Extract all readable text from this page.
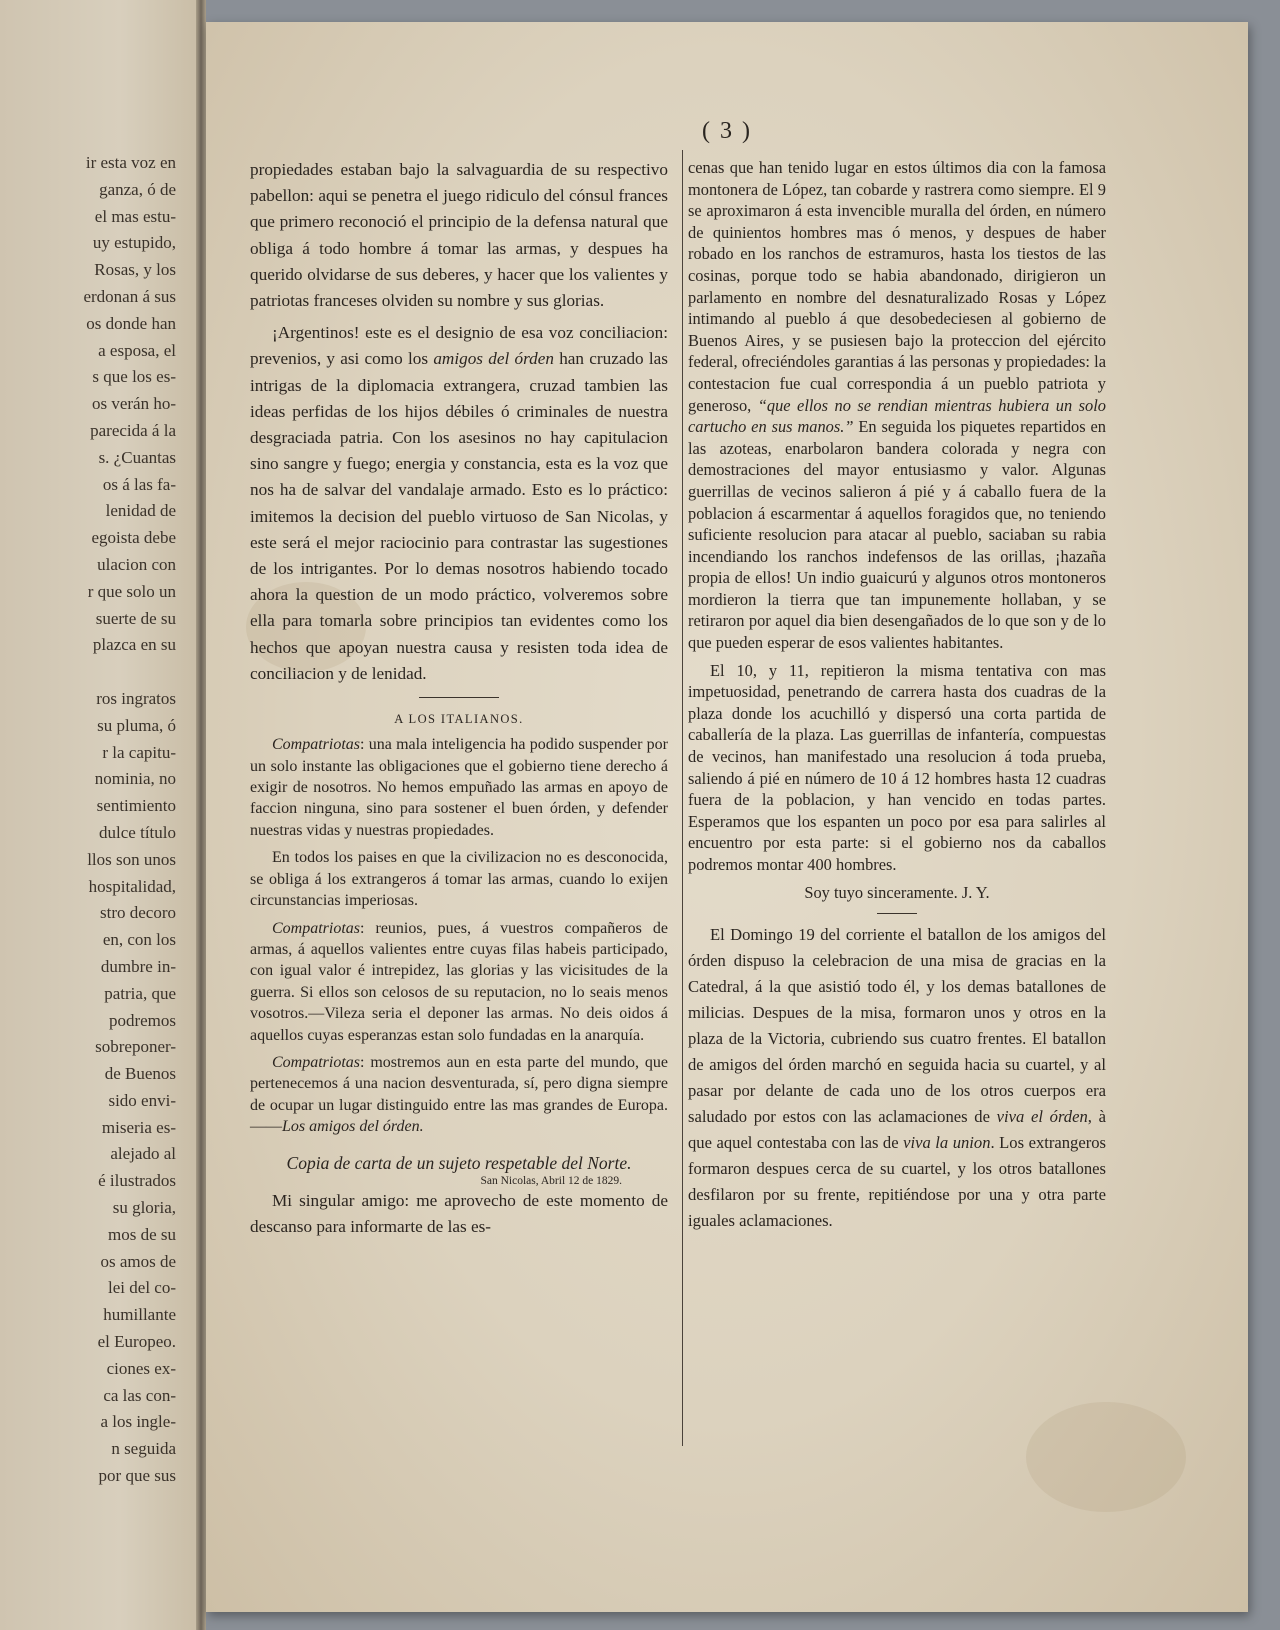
ir esta voz en
ganza, ó de
el mas estu-
uy estupido,
Rosas, y los
erdonan á sus
os donde han
a esposa, el
s que los es-
os verán ho-
parecida á la
s. ¿Cuantas
os á las fa-
lenidad de
egoista debe
ulacion con
r que solo un
suerte de su
plazca en su

ros ingratos
su pluma, ó
r la capitu-
nominia, no
sentimiento
dulce título
llos son unos
hospitalidad,
stro decoro
en, con los
dumbre in-
patria, que
podremos
sobreponer-
de Buenos
sido envi-
miseria es-
alejado al
é ilustrados
su gloria,
mos de su
os amos de
lei del co-
humillante
el Europeo.
ciones ex-
ca las con-
a los ingle-
n seguida
por que sus
( 3 )

propiedades estaban bajo la salvaguardia de su respectivo pabellon: aqui se penetra el juego ridiculo del cónsul frances que primero reconoció el principio de la defensa natural que obliga á todo hombre á tomar las armas, y despues ha querido olvidarse de sus deberes, y hacer que los valientes y patriotas franceses olviden su nombre y sus glorias.

¡Argentinos! este es el designio de esa voz conciliacion: prevenios, y asi como los amigos del órden han cruzado las intrigas de la diplomacia extrangera, cruzad tambien las ideas perfidas de los hijos débiles ó criminales de nuestra desgraciada patria. Con los asesinos no hay capitulacion sino sangre y fuego; energia y constancia, esta es la voz que nos ha de salvar del vandalaje armado. Esto es lo práctico: imitemos la decision del pueblo virtuoso de San Nicolas, y este será el mejor raciocinio para contrastar las sugestiones de los intrigantes. Por lo demas nosotros habiendo tocado ahora la question de un modo práctico, volveremos sobre ella para tomarla sobre principios tan evidentes como los hechos que apoyan nuestra causa y resisten toda idea de conciliacion y de lenidad.

A LOS ITALIANOS.

Compatriotas: una mala inteligencia ha podido suspender por un solo instante las obligaciones que el gobierno tiene derecho á exigir de nosotros. No hemos empuñado las armas en apoyo de faccion ninguna, sino para sostener el buen órden, y defender nuestras vidas y nuestras propiedades.

En todos los paises en que la civilizacion no es desconocida, se obliga á los extrangeros á tomar las armas, cuando lo exijen circunstancias imperiosas.

Compatriotas: reunios, pues, á vuestros compañeros de armas, á aquellos valientes entre cuyas filas habeis participado, con igual valor é intrepidez, las glorias y las vicisitudes de la guerra. Si ellos son celosos de su reputacion, no lo seais menos vosotros.—Vileza seria el deponer las armas. No deis oidos á aquellos cuyas esperanzas estan solo fundadas en la anarquía.

Compatriotas: mostremos aun en esta parte del mundo, que pertenecemos á una nacion desventurada, sí, pero digna siempre de ocupar un lugar distinguido entre las mas grandes de Europa.——Los amigos del órden.

Copia de carta de un sujeto respetable del Norte.
San Nicolas, Abril 12 de 1829.

Mi singular amigo: me aprovecho de este momento de descanso para informarte de las es-

cenas que han tenido lugar en estos últimos dia con la famosa montonera de López, tan cobarde y rastrera como siempre. El 9 se aproximaron á esta invencible muralla del órden, en número de quinientos hombres mas ó menos, y despues de haber robado en los ranchos de estramuros, hasta los tiestos de las cosinas, porque todo se habia abandonado, dirigieron un parlamento en nombre del desnaturalizado Rosas y López intimando al pueblo á que desobedeciesen al gobierno de Buenos Aires, y se pusiesen bajo la proteccion del ejército federal, ofreciéndoles garantias á las personas y propiedades: la contestacion fue cual correspondia á un pueblo patriota y generoso, “que ellos no se rendian mientras hubiera un solo cartucho en sus manos.” En seguida los piquetes repartidos en las azoteas, enarbolaron bandera colorada y negra con demostraciones del mayor entusiasmo y valor. Algunas guerrillas de vecinos salieron á pié y á caballo fuera de la poblacion á escarmentar á aquellos foragidos que, no teniendo suficiente resolucion para atacar al pueblo, saciaban su rabia incendiando los ranchos indefensos de las orillas, ¡hazaña propia de ellos! Un indio guaicurú y algunos otros montoneros mordieron la tierra que tan impunemente hollaban, y se retiraron por aquel dia bien desengañados de lo que son y de lo que pueden esperar de esos valientes habitantes.

El 10, y 11, repitieron la misma tentativa con mas impetuosidad, penetrando de carrera hasta dos cuadras de la plaza donde los acuchilló y dispersó una corta partida de caballería de la plaza. Las guerrillas de infantería, compuestas de vecinos, han manifestado una resolucion á toda prueba, saliendo á pié en número de 10 á 12 hombres hasta 12 cuadras fuera de la poblacion, y han vencido en todas partes. Esperamos que los espanten un poco por esa para salirles al encuentro por esta parte: si el gobierno nos da caballos podremos montar 400 hombres.

Soy tuyo sinceramente. J. Y.

El Domingo 19 del corriente el batallon de los amigos del órden dispuso la celebracion de una misa de gracias en la Catedral, á la que asistió todo él, y los demas batallones de milicias. Despues de la misa, formaron unos y otros en la plaza de la Victoria, cubriendo sus cuatro frentes. El batallon de amigos del órden marchó en seguida hacia su cuartel, y al pasar por delante de cada uno de los otros cuerpos era saludado por estos con las aclamaciones de viva el órden, à que aquel contestaba con las de viva la union. Los extrangeros formaron despues cerca de su cuartel, y los otros batallones desfilaron por su frente, repitiéndose por una y otra parte iguales aclamaciones.
